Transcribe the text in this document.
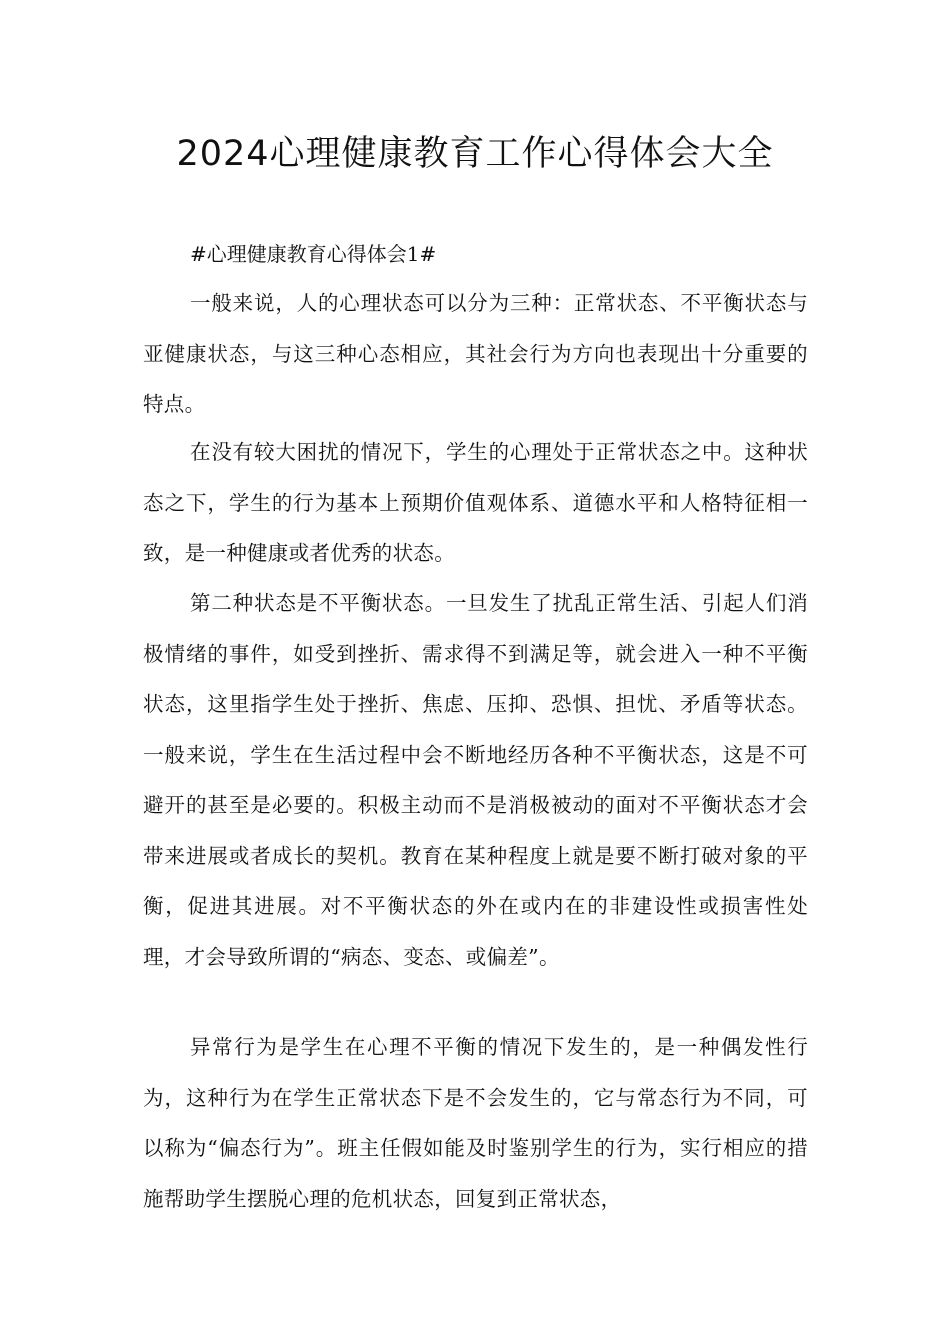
2024心理健康教育工作心得体会大全

#心理健康教育心得体会1#

一般来说，人的心理状态可以分为三种：正常状态、不平衡状态与亚健康状态，与这三种心态相应，其社会行为方向也表现出十分重要的特点。

在没有较大困扰的情况下，学生的心理处于正常状态之中。这种状态之下，学生的行为基本上预期价值观体系、道德水平和人格特征相一致，是一种健康或者优秀的状态。

第二种状态是不平衡状态。一旦发生了扰乱正常生活、引起人们消极情绪的事件，如受到挫折、需求得不到满足等，就会进入一种不平衡状态，这里指学生处于挫折、焦虑、压抑、恐惧、担忧、矛盾等状态。一般来说，学生在生活过程中会不断地经历各种不平衡状态，这是不可避开的甚至是必要的。积极主动而不是消极被动的面对不平衡状态才会带来进展或者成长的契机。教育在某种程度上就是要不断打破对象的平衡，促进其进展。对不平衡状态的外在或内在的非建设性或损害性处理，才会导致所谓的“病态、变态、或偏差”。

异常行为是学生在心理不平衡的情况下发生的，是一种偶发性行为，这种行为在学生正常状态下是不会发生的，它与常态行为不同，可以称为“偏态行为”。班主任假如能及时鉴别学生的行为，实行相应的措施帮助学生摆脱心理的危机状态，回复到正常状态，
